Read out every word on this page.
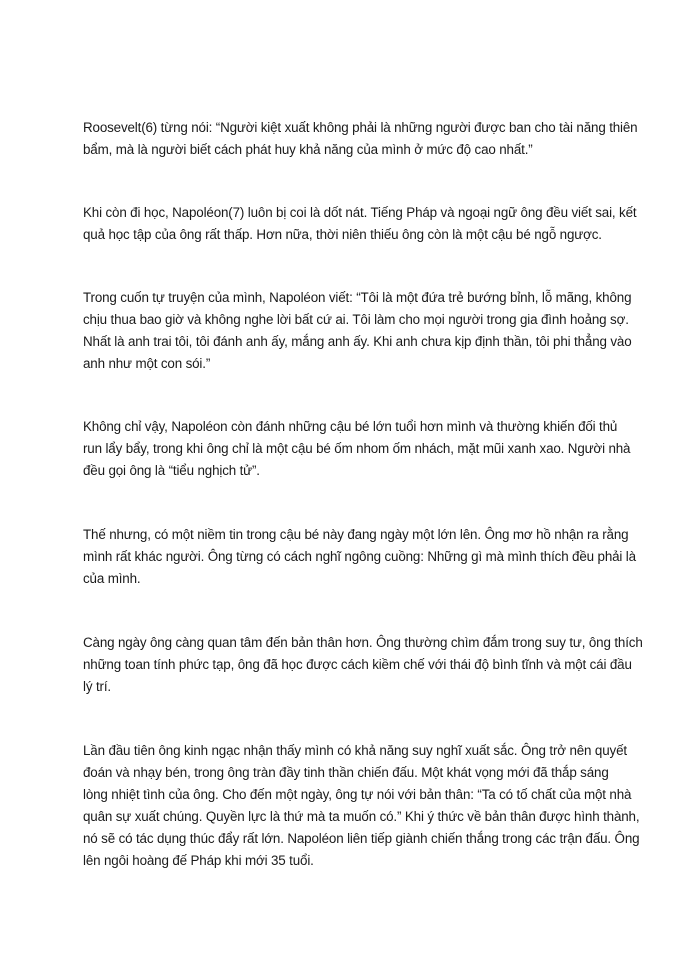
Roosevelt(6) từng nói: “Người kiệt xuất không phải là những người được ban cho tài năng thiên
bẩm, mà là người biết cách phát huy khả năng của mình ở mức độ cao nhất.”

Khi còn đi học, Napoléon(7) luôn bị coi là dốt nát. Tiếng Pháp và ngoại ngữ ông đều viết sai, kết
quả học tập của ông rất thấp. Hơn nữa, thời niên thiếu ông còn là một cậu bé ngỗ ngược.

Trong cuốn tự truyện của mình, Napoléon viết: “Tôi là một đứa trẻ bướng bỉnh, lỗ mãng, không
chịu thua bao giờ và không nghe lời bất cứ ai. Tôi làm cho mọi người trong gia đình hoảng sợ.
Nhất là anh trai tôi, tôi đánh anh ấy, mắng anh ấy. Khi anh chưa kịp định thần, tôi phi thẳng vào
anh như một con sói.”

Không chỉ vậy, Napoléon còn đánh những cậu bé lớn tuổi hơn mình và thường khiến đối thủ
run lẩy bẩy, trong khi ông chỉ là một cậu bé ốm nhom ốm nhách, mặt mũi xanh xao. Người nhà
đều gọi ông là “tiểu nghịch tử”.

Thế nhưng, có một niềm tin trong cậu bé này đang ngày một lớn lên. Ông mơ hồ nhận ra rằng
mình rất khác người. Ông từng có cách nghĩ ngông cuồng: Những gì mà mình thích đều phải là
của mình.

Càng ngày ông càng quan tâm đến bản thân hơn. Ông thường chìm đắm trong suy tư, ông thích
những toan tính phức tạp, ông đã học được cách kiềm chế với thái độ bình tĩnh và một cái đầu
lý trí.

Lần đầu tiên ông kinh ngạc nhận thấy mình có khả năng suy nghĩ xuất sắc. Ông trở nên quyết
đoán và nhạy bén, trong ông tràn đầy tinh thần chiến đấu. Một khát vọng mới đã thắp sáng
lòng nhiệt tình của ông. Cho đến một ngày, ông tự nói với bản thân: “Ta có tố chất của một nhà
quân sự xuất chúng. Quyền lực là thứ mà ta muốn có.” Khi ý thức về bản thân được hình thành,
nó sẽ có tác dụng thúc đẩy rất lớn. Napoléon liên tiếp giành chiến thắng trong các trận đấu. Ông
lên ngôi hoàng đế Pháp khi mới 35 tuổi.
